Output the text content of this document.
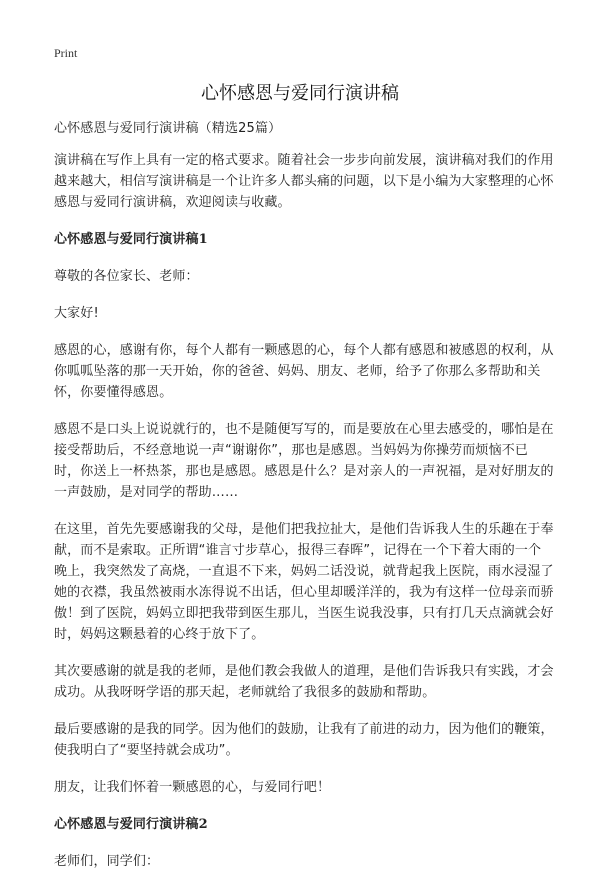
Print
心怀感恩与爱同行演讲稿

心怀感恩与爱同行演讲稿（精选25篇）

演讲稿在写作上具有一定的格式要求。随着社会一步步向前发展，演讲稿对我们的作用越来越大，相信写演讲稿是一个让许多人都头痛的问题，以下是小编为大家整理的心怀感恩与爱同行演讲稿，欢迎阅读与收藏。

心怀感恩与爱同行演讲稿1

尊敬的各位家长、老师：

大家好!

感恩的心，感谢有你，每个人都有一颗感恩的心，每个人都有感恩和被感恩的权利，从你呱呱坠落的那一天开始，你的爸爸、妈妈、朋友、老师，给予了你那么多帮助和关怀，你要懂得感恩。

感恩不是口头上说说就行的，也不是随便写写的，而是要放在心里去感受的，哪怕是在接受帮助后，不经意地说一声“谢谢你”，那也是感恩。当妈妈为你操劳而烦恼不已时，你送上一杯热茶，那也是感恩。感恩是什么？是对亲人的一声祝福，是对好朋友的一声鼓励，是对同学的帮助……

在这里，首先先要感谢我的父母，是他们把我拉扯大，是他们告诉我人生的乐趣在于奉献，而不是索取。正所谓“谁言寸步草心，报得三春晖”，记得在一个下着大雨的一个晚上，我突然发了高烧，一直退不下来，妈妈二话没说，就背起我上医院，雨水浸湿了她的衣襟，我虽然被雨水冻得说不出话，但心里却暖洋洋的，我为有这样一位母亲而骄傲！到了医院，妈妈立即把我带到医生那儿，当医生说我没事，只有打几天点滴就会好时，妈妈这颗悬着的心终于放下了。

其次要感谢的就是我的老师，是他们教会我做人的道理，是他们告诉我只有实践，才会成功。从我呀呀学语的那天起，老师就给了我很多的鼓励和帮助。

最后要感谢的是我的同学。因为他们的鼓励，让我有了前进的动力，因为他们的鞭策，使我明白了“要坚持就会成功”。

朋友，让我们怀着一颗感恩的心，与爱同行吧！

心怀感恩与爱同行演讲稿2

老师们，同学们：
